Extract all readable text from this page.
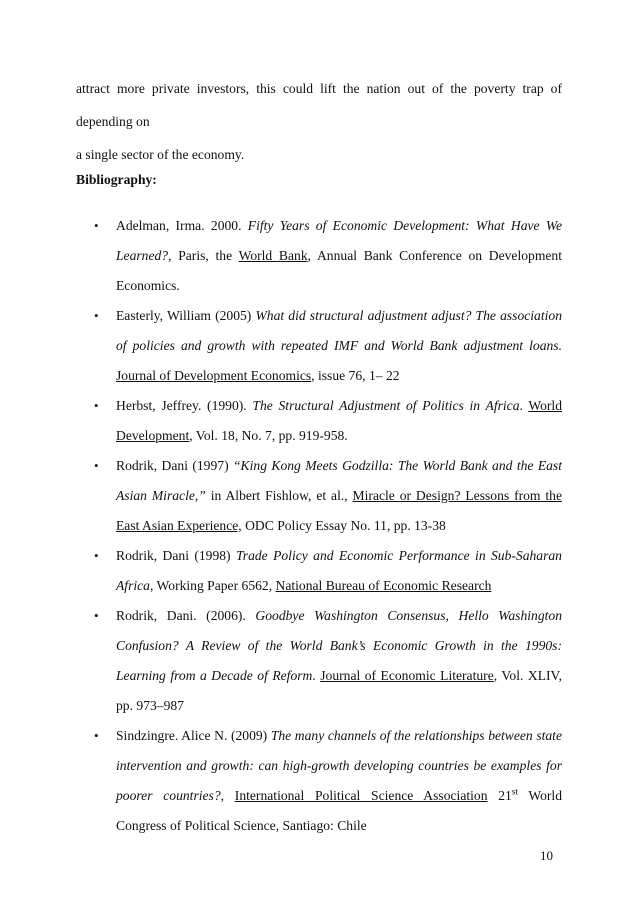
attract more private investors, this could lift the nation out of the poverty trap of depending on
a single sector of the economy.

Bibliography:

• Adelman, Irma. 2000. Fifty Years of Economic Development: What Have We Learned?, Paris, the World Bank, Annual Bank Conference on Development Economics.
• Easterly, William (2005) What did structural adjustment adjust? The association of policies and growth with repeated IMF and World Bank adjustment loans. Journal of Development Economics, issue 76, 1– 22
• Herbst, Jeffrey. (1990). The Structural Adjustment of Politics in Africa. World Development, Vol. 18, No. 7, pp. 919-958.
• Rodrik, Dani (1997) “King Kong Meets Godzilla: The World Bank and the East Asian Miracle,” in Albert Fishlow, et al., Miracle or Design? Lessons from the East Asian Experience, ODC Policy Essay No. 11, pp. 13-38
• Rodrik, Dani (1998) Trade Policy and Economic Performance in Sub-Saharan Africa, Working Paper 6562, National Bureau of Economic Research
• Rodrik, Dani. (2006). Goodbye Washington Consensus, Hello Washington Confusion? A Review of the World Bank’s Economic Growth in the 1990s: Learning from a Decade of Reform. Journal of Economic Literature, Vol. XLIV, pp. 973–987
• Sindzingre. Alice N. (2009) The many channels of the relationships between state intervention and growth: can high-growth developing countries be examples for poorer countries?, International Political Science Association 21st World Congress of Political Science, Santiago: Chile
10
